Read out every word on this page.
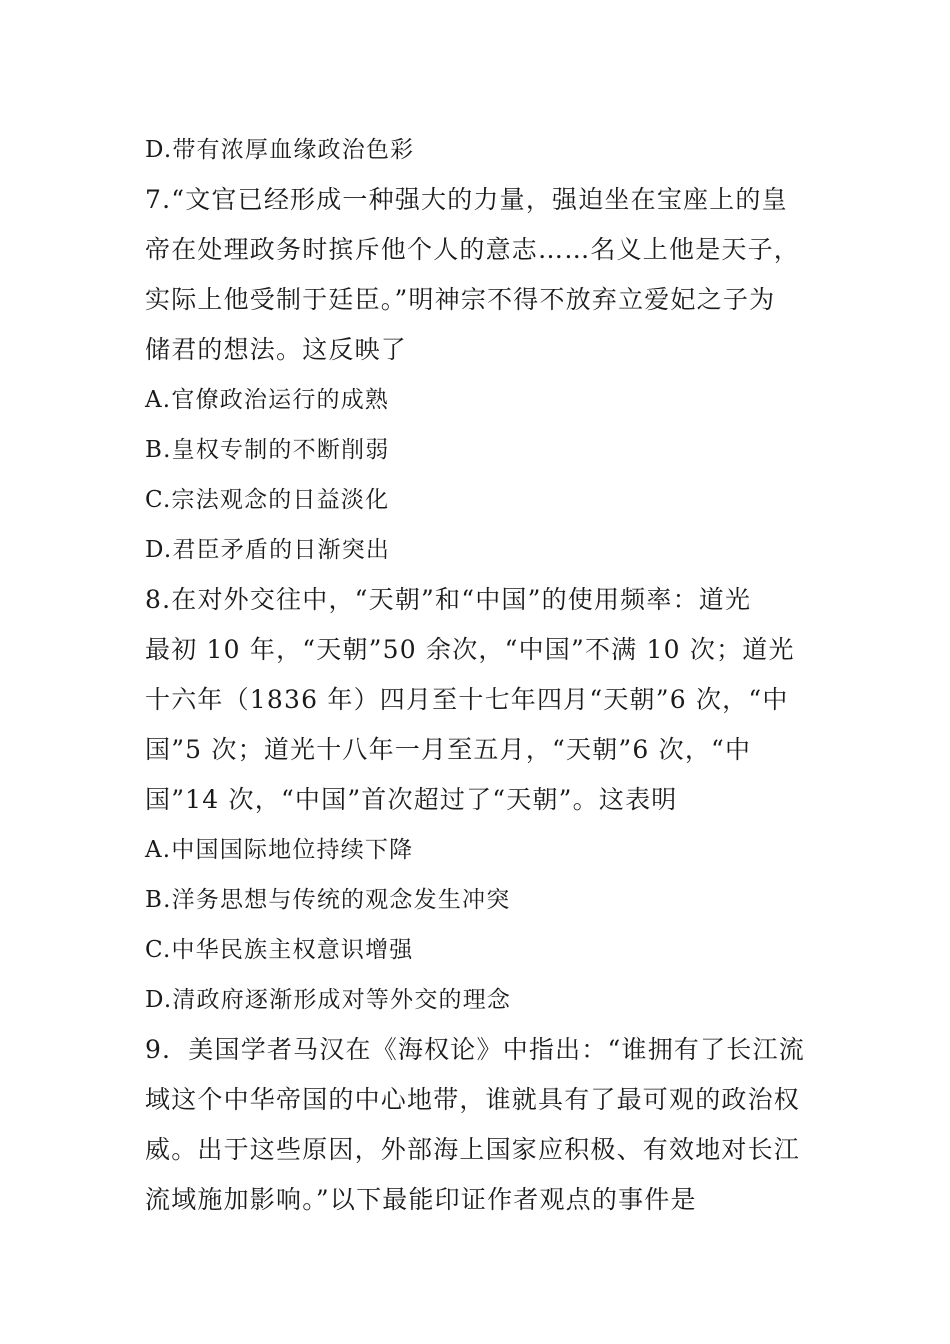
D.带有浓厚血缘政治色彩
7.“文官已经形成一种强大的力量，强迫坐在宝座上的皇
帝在处理政务时摈斥他个人的意志……名义上他是天子，
实际上他受制于廷臣。”明神宗不得不放弃立爱妃之子为
储君的想法。这反映了
A.官僚政治运行的成熟
B.皇权专制的不断削弱
C.宗法观念的日益淡化
D.君臣矛盾的日渐突出
8.在对外交往中，“天朝”和“中国”的使用频率：道光
最初 10 年，“天朝”50 余次，“中国”不满 10 次；道光
十六年（1836 年）四月至十七年四月“天朝”6 次，“中
国”5 次；道光十八年一月至五月，“天朝”6 次，“中
国”14 次，“中国”首次超过了“天朝”。这表明
A.中国国际地位持续下降
B.洋务思想与传统的观念发生冲突
C.中华民族主权意识增强
D.清政府逐渐形成对等外交的理念
9．美国学者马汉在《海权论》中指出：“谁拥有了长江流
域这个中华帝国的中心地带，谁就具有了最可观的政治权
威。出于这些原因，外部海上国家应积极、有效地对长江
流域施加影响。”以下最能印证作者观点的事件是
